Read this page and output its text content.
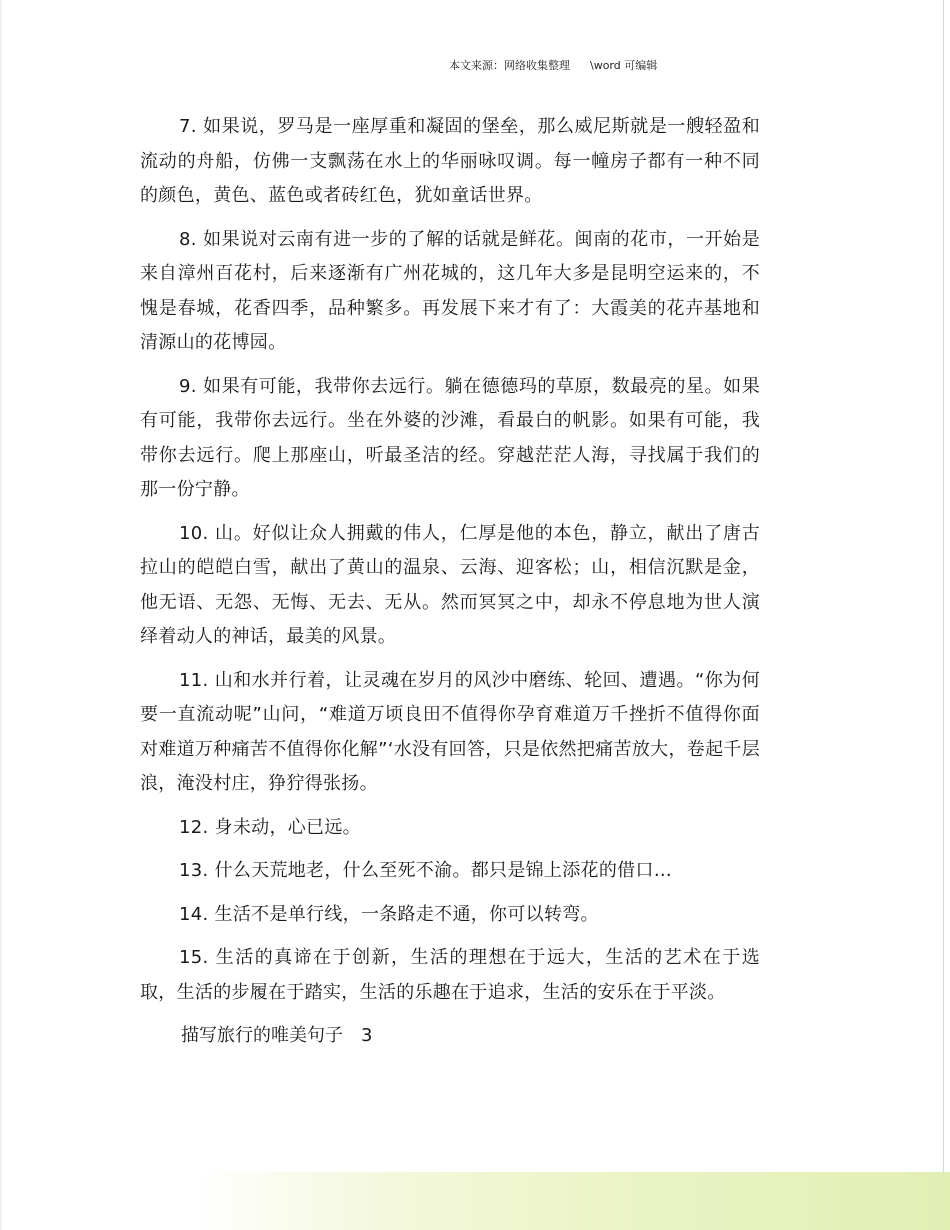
本文来源：网络收集整理 \word 可编辑

7. 如果说，罗马是一座厚重和凝固的堡垒，那么威尼斯就是一艘轻盈和流动的舟船，仿佛一支飘荡在水上的华丽咏叹调。每一幢房子都有一种不同的颜色，黄色、蓝色或者砖红色，犹如童话世界。

8. 如果说对云南有进一步的了解的话就是鲜花。闽南的花市，一开始是来自漳州百花村，后来逐渐有广州花城的，这几年大多是昆明空运来的，不愧是春城，花香四季，品种繁多。再发展下来才有了：大霞美的花卉基地和清源山的花博园。

9. 如果有可能，我带你去远行。躺在德德玛的草原，数最亮的星。如果有可能，我带你去远行。坐在外婆的沙滩，看最白的帆影。如果有可能，我带你去远行。爬上那座山，听最圣洁的经。穿越茫茫人海，寻找属于我们的那一份宁静。

10. 山。好似让众人拥戴的伟人，仁厚是他的本色，静立，献出了唐古拉山的皑皑白雪，献出了黄山的温泉、云海、迎客松；山，相信沉默是金，他无语、无怨、无悔、无去、无从。然而冥冥之中，却永不停息地为世人演绎着动人的神话，最美的风景。

11. 山和水并行着，让灵魂在岁月的风沙中磨练、轮回、遭遇。“你为何要一直流动呢”山问，“难道万顷良田不值得你孕育难道万千挫折不值得你面对难道万种痛苦不值得你化解”‘水没有回答，只是依然把痛苦放大，卷起千层浪，淹没村庄，狰狞得张扬。

12. 身未动，心已远。

13. 什么天荒地老，什么至死不渝。都只是锦上添花的借口…

14. 生活不是单行线，一条路走不通，你可以转弯。

15. 生活的真谛在于创新，生活的理想在于远大，生活的艺术在于选取，生活的步履在于踏实，生活的乐趣在于追求，生活的安乐在于平淡。

描写旅行的唯美句子　3
